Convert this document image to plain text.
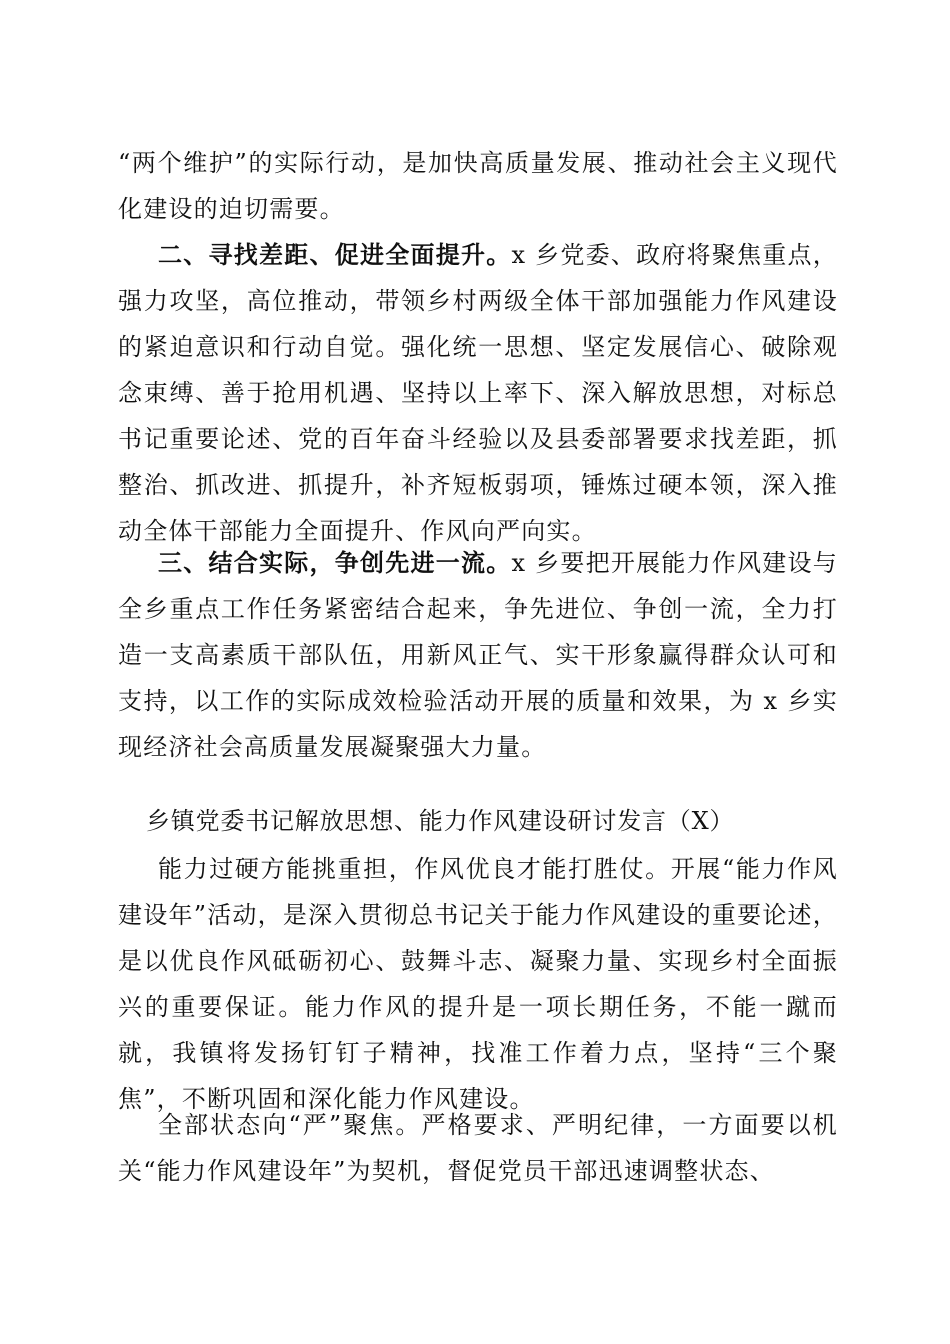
“两个维护”的实际行动，是加快高质量发展、推动社会主义现代化建设的迫切需要。

二、寻找差距、促进全面提升。x 乡党委、政府将聚焦重点，强力攻坚，高位推动，带领乡村两级全体干部加强能力作风建设的紧迫意识和行动自觉。强化统一思想、坚定发展信心、破除观念束缚、善于抢用机遇、坚持以上率下、深入解放思想，对标总书记重要论述、党的百年奋斗经验以及县委部署要求找差距，抓整治、抓改进、抓提升，补齐短板弱项，锤炼过硬本领，深入推动全体干部能力全面提升、作风向严向实。

三、结合实际，争创先进一流。x 乡要把开展能力作风建设与全乡重点工作任务紧密结合起来，争先进位、争创一流，全力打造一支高素质干部队伍，用新风正气、实干形象赢得群众认可和支持，以工作的实际成效检验活动开展的质量和效果，为 x 乡实现经济社会高质量发展凝聚强大力量。

乡镇党委书记解放思想、能力作风建设研讨发言（X）

能力过硬方能挑重担，作风优良才能打胜仗。开展“能力作风建设年”活动，是深入贯彻总书记关于能力作风建设的重要论述，是以优良作风砥砺初心、鼓舞斗志、凝聚力量、实现乡村全面振兴的重要保证。能力作风的提升是一项长期任务，不能一蹴而就，我镇将发扬钉钉子精神，找准工作着力点，坚持“三个聚焦”，不断巩固和深化能力作风建设。

全部状态向“严”聚焦。严格要求、严明纪律，一方面要以机关“能力作风建设年”为契机，督促党员干部迅速调整状态、
